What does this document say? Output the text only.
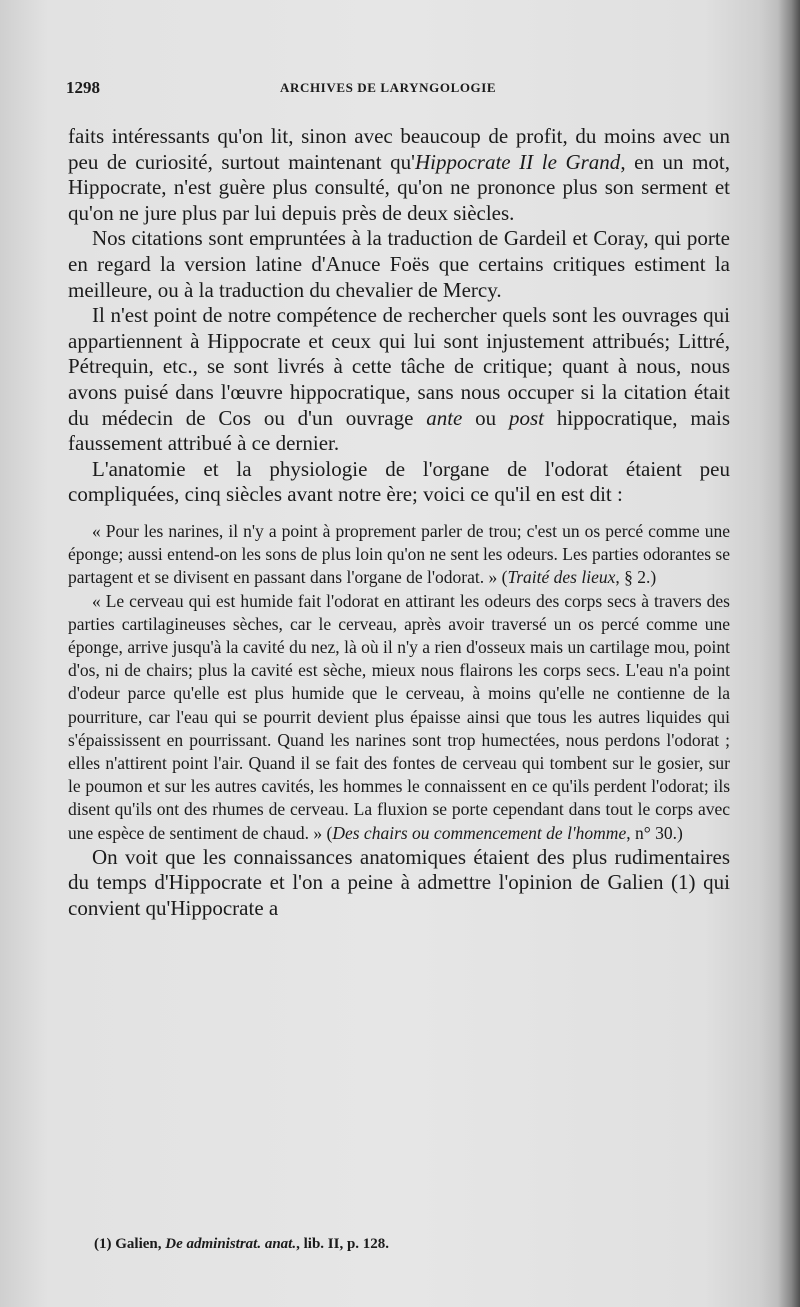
1298	ARCHIVES DE LARYNGOLOGIE

faits intéressants qu'on lit, sinon avec beaucoup de profit, du moins avec un peu de curiosité, surtout maintenant qu'Hippocrate II le Grand, en un mot, Hippocrate, n'est guère plus consulté, qu'on ne prononce plus son serment et qu'on ne jure plus par lui depuis près de deux siècles.

Nos citations sont empruntées à la traduction de Gardeil et Coray, qui porte en regard la version latine d'Anuce Foës que certains critiques estiment la meilleure, ou à la traduction du chevalier de Mercy.

Il n'est point de notre compétence de rechercher quels sont les ouvrages qui appartiennent à Hippocrate et ceux qui lui sont injustement attribués; Littré, Pétrequin, etc., se sont livrés à cette tâche de critique; quant à nous, nous avons puisé dans l'œuvre hippocratique, sans nous occuper si la citation était du médecin de Cos ou d'un ouvrage ante ou post hippocratique, mais faussement attribué à ce dernier.

L'anatomie et la physiologie de l'organe de l'odorat étaient peu compliquées, cinq siècles avant notre ère; voici ce qu'il en est dit :

« Pour les narines, il n'y a point à proprement parler de trou; c'est un os percé comme une éponge; aussi entend-on les sons de plus loin qu'on ne sent les odeurs. Les parties odorantes se partagent et se divisent en passant dans l'organe de l'odorat. » (Traité des lieux, § 2.)

« Le cerveau qui est humide fait l'odorat en attirant les odeurs des corps secs à travers des parties cartilagineuses sèches, car le cerveau, après avoir traversé un os percé comme une éponge, arrive jusqu'à la cavité du nez, là où il n'y a rien d'osseux mais un cartilage mou, point d'os, ni de chairs; plus la cavité est sèche, mieux nous flairons les corps secs. L'eau n'a point d'odeur parce qu'elle est plus humide que le cerveau, à moins qu'elle ne contienne de la pourriture, car l'eau qui se pourrit devient plus épaisse ainsi que tous les autres liquides qui s'épaississent en pourrissant. Quand les narines sont trop humectées, nous perdons l'odorat ; elles n'attirent point l'air. Quand il se fait des fontes de cerveau qui tombent sur le gosier, sur le poumon et sur les autres cavités, les hommes le connaissent en ce qu'ils perdent l'odorat; ils disent qu'ils ont des rhumes de cerveau. La fluxion se porte cependant dans tout le corps avec une espèce de sentiment de chaud. » (Des chairs ou commencement de l'homme, n° 30.)

On voit que les connaissances anatomiques étaient des plus rudimentaires du temps d'Hippocrate et l'on a peine à admettre l'opinion de Galien (1) qui convient qu'Hippocrate a

(1) Galien, De administrat. anat., lib. II, p. 128.
